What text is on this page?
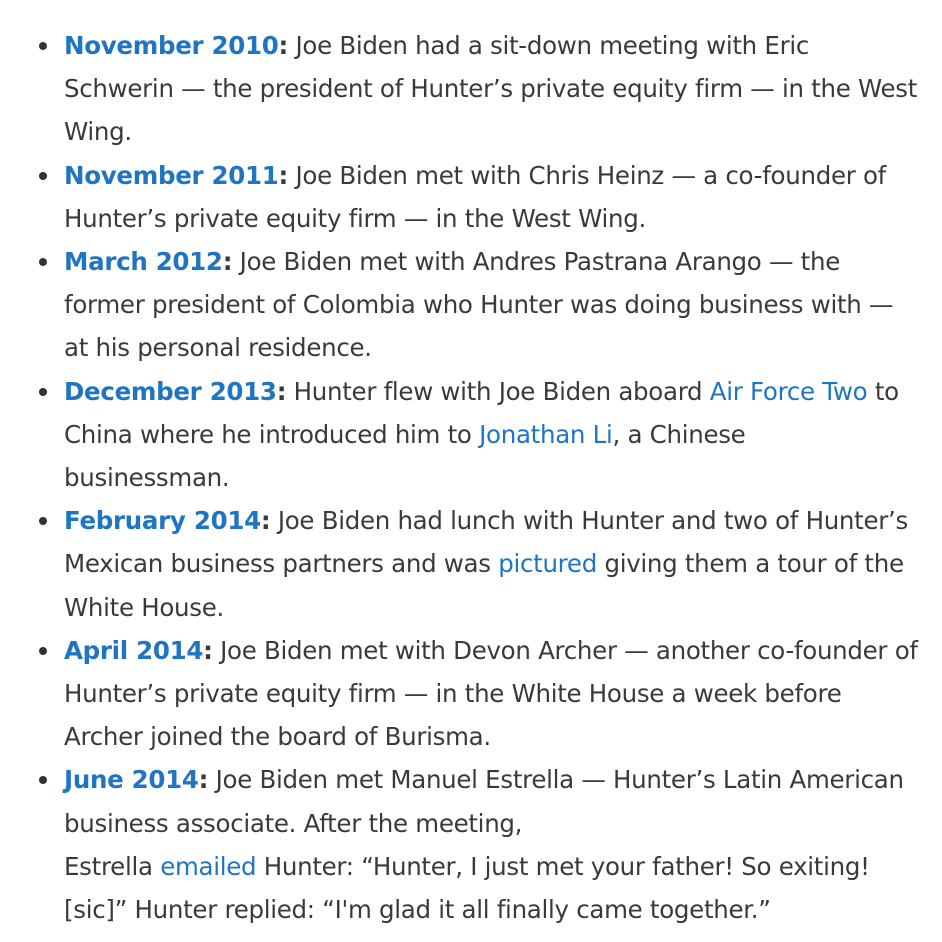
November 2010: Joe Biden had a sit-down meeting with Eric Schwerin — the president of Hunter’s private equity firm — in the West Wing.
November 2011: Joe Biden met with Chris Heinz — a co-founder of Hunter’s private equity firm — in the West Wing.
March 2012: Joe Biden met with Andres Pastrana Arango — the former president of Colombia who Hunter was doing business with — at his personal residence.
December 2013: Hunter flew with Joe Biden aboard Air Force Two to China where he introduced him to Jonathan Li, a Chinese businessman.
February 2014: Joe Biden had lunch with Hunter and two of Hunter’s Mexican business partners and was pictured giving them a tour of the White House.
April 2014: Joe Biden met with Devon Archer — another co-founder of Hunter’s private equity firm — in the White House a week before Archer joined the board of Burisma.
June 2014: Joe Biden met Manuel Estrella — Hunter’s Latin American business associate. After the meeting,
Estrella emailed Hunter: “Hunter, I just met your father! So exiting! [sic]” Hunter replied: “I'm glad it all finally came together.”
